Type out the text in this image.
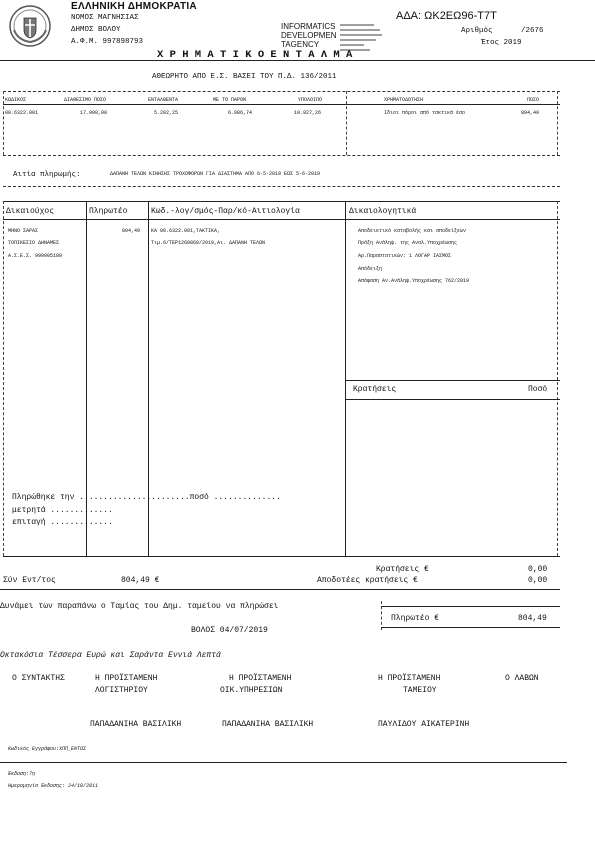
ΕΛΛΗΝΙΚΗ ΔΗΜΟΚΡΑΤΙΑ
ΝΟΜΟΣ ΜΑΓΝΗΣΙΑΣ
ΔΗΜΟΣ ΒΟΛΟΥ
Α.Φ.Μ. 997898793
INFORMATICS
DEVELOPMEN
TAGENCY
ΑΔΑ: ΩΚ2ΕΩ96-Τ7Τ
Αριθμός	/2676
Έτος 2019
Χ Ρ Η Μ Α Τ Ι Κ Ο Ε Ν Τ Α Λ Μ Α
ΑΘΕΩΡΗΤΟ ΑΠΟ Ε.Σ. ΒΑΣΕΙ ΤΟΥ Π.Δ. 136/2011
ΚΩΔΙΚΟΣ	ΔΙΑΘΕΣΙΜΟ ΠΟΣΟ	ΕΝΤΑΛΘΕΝΤΑ	ΜΕ ΤΟ ΠΑΡΟΝ	ΥΠΟΛΟΙΠΟ	ΧΡΗΜΑΤΟΔΟΤΗΣΗ	ΠΟΣΟ
00.6322.001	17.000,00	5.282,25	6.086,74	10.927,26	Ιδιοι πόροι από τακτικά έσο	804,49
Αιτία πληρωμής:	ΔΑΠΑΝΗ ΤΕΛΩΝ ΚΙΝΗΣΗΣ ΤΡΟΧΟΦΟΡΩΝ ΓΙΑ ΔΙΑΣΤΗΜΑ ΑΠΟ 6-5-2019 ΕΩΣ 5-6-2019
Δικαιούχος	Πληρωτέο	Κωδ.-λογ/σμός-Παρ/κό-Αιτιολογία	Δικαιολογητικά
ΜΗΝΟ ΣΑΡΑΣ
ΤΟΠΙΚΕΣΙΟ ΔΗΝΑΜΕΣ
Α.Σ.Ε.Σ. 999905189
804,49 ΚΑ 00.6322.001,ΤΑΚΤΙΚΑ,
Τιμ.6/ΤΕΡ1260860/2019,Αι. ΔΑΠΑΝΗ ΤΕΛΩΝ
Αποδεικτικό καταβολής και αποδείξεων
Πράξη Ανάληψ. της Αναλ.Υποχρέωσης
Αρ.Παραστατικών: 1 ΛΟΓΑΡ ΙΑΣΜΟΣ
Απόδειξη
Απόφαση Αν.Ανάληψ.Υποχρέωσης 762/2019
Κρατήσεις	Ποσό
Πληρώθηκε την .......................ποσό ..............
μετρητά .............
επιταγή .............
Κρατήσεις €	0,00
Σύν Εντ/τος	804,49 €	Αποδοτέες κρατήσεις €	0,00
Δυνάμει των παραπάνω ο Ταμίας του Δημ. ταμείου να πληρώσει
Πληρωτέο €	804,49
ΒΟΛΟΣ 04/07/2019
Οκτακόσια Τέσσερα Ευρώ και Σαράντα Εννιά Λεπτά
Ο ΣΥΝΤΑΚΤΗΣ	Η ΠΡΟΪΣΤΑΜΕΝΗ
ΛΟΓΙΣΤΗΡΙΟΥ
Η ΠΡΟΪΣΤΑΜΕΝΗ
ΟΙΚ.ΥΠΗΡΕΣΙΩΝ
Η ΠΡΟΪΣΤΑΜΕΝΗ
ΤΑΜΕΙΟΥ
Ο ΛΑΒΩΝ
ΠΑΠΑΔΑΝΙΗΑ ΒΑΣΙΛΙΚΗ	ΠΑΠΑΔΑΝΙΗΑ ΒΑΣΙΛΙΚΗ	ΠΑΥΛΙΔΟΥ ΑΙΚΑΤΕΡΙΝΗ
Κωδικός Εγγράφου:ΧΠΠ_ΕΝΤΟΣ
Έκδοση:7η
Ημερομηνία Έκδοσης: 24/10/2011
